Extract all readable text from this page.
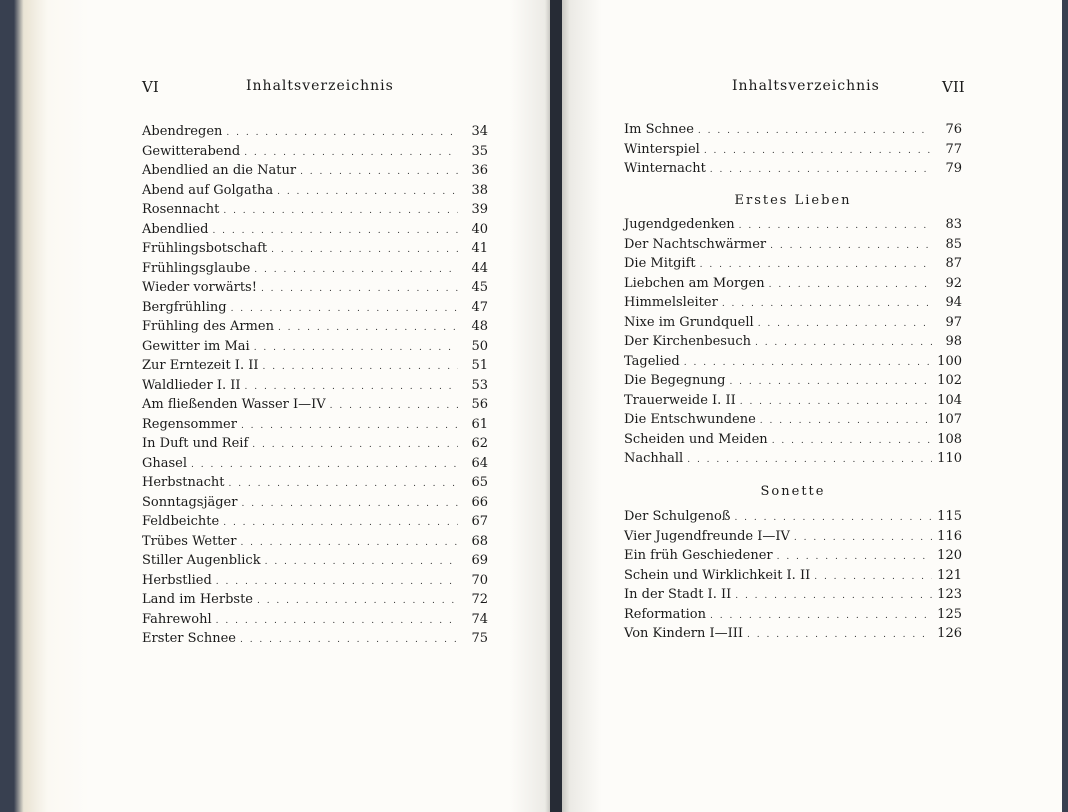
VI	Inhaltsverzeichnis
Abendregen . . .	34
Gewitterabend . . .	35
Abendlied an die Natur . . .	36
Abend auf Golgatha . . .	38
Rosennacht . . .	39
Abendlied . . .	40
Frühlingsbotschaft . . .	41
Frühlingsglaube . . .	44
Wieder vorwärts! . . .	45
Bergfrühling . . .	47
Frühling des Armen . . .	48
Gewitter im Mai . . .	50
Zur Erntezeit I. II . . .	51
Waldlieder I. II . . .	53
Am fließenden Wasser I—IV . . .	56
Regensommer . . .	61
In Duft und Reif . . .	62
Ghasel . . .	64
Herbstnacht . . .	65
Sonntagsjäger . . .	66
Feldbeichte . . .	67
Trübes Wetter . . .	68
Stiller Augenblick . . .	69
Herbstlied . . .	70
Land im Herbste . . .	72
Fahrewohl . . .	74
Erster Schnee . . .	75
Inhaltsverzeichnis	VII
Im Schnee . . .	76
Winterspiel . . .	77
Winternacht . . .	79
Erstes Lieben
Jugendgedenken . . .	83
Der Nachtschwärmer . . .	85
Die Mitgift . . .	87
Liebchen am Morgen . . .	92
Himmelsleiter . . .	94
Nixe im Grundquell . . .	97
Der Kirchenbesuch . . .	98
Tagelied . . .	100
Die Begegnung . . .	102
Trauerweide I. II . . .	104
Die Entschwundene . . .	107
Scheiden und Meiden . . .	108
Nachhall . . .	110
Sonette
Der Schulgenoß . . .	115
Vier Jugendfreunde I—IV . . .	116
Ein früh Geschiedener . . .	120
Schein und Wirklichkeit I. II . . .	121
In der Stadt I. II . . .	123
Reformation . . .	125
Von Kindern I—III . . .	126
